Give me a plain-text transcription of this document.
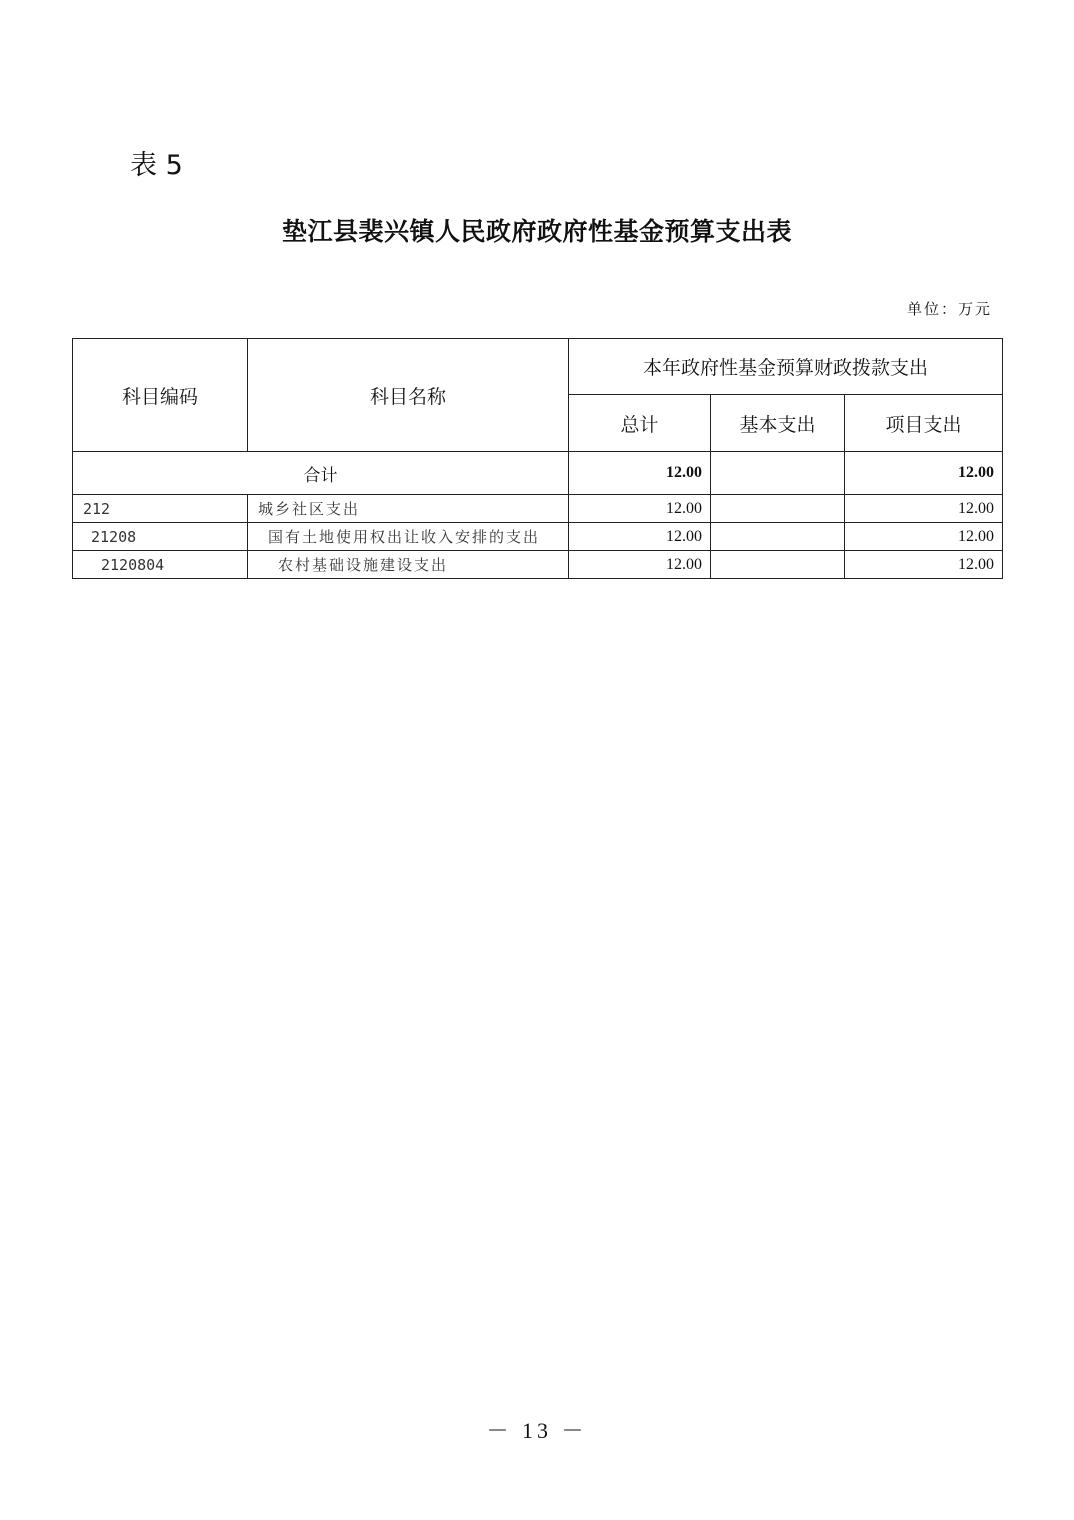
表 5
垫江县裴兴镇人民政府政府性基金预算支出表
单位：万元
科目编码	科目名称	本年政府性基金预算财政拨款支出		
		总计	基本支出	项目支出
合计		12.00		12.00
212	城乡社区支出	12.00		12.00
21208	国有土地使用权出让收入安排的支出	12.00		12.00
2120804	农村基础设施建设支出	12.00		12.00
－ 13 －
